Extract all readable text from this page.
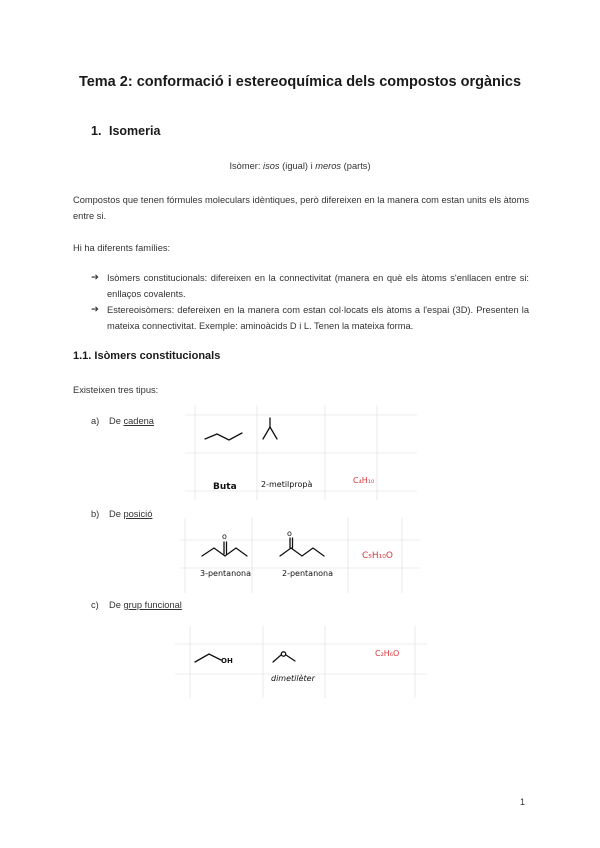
Tema 2: conformació i estereoquímica dels compostos orgànics
1. Isomeria
Isòmer: isos (igual) i meros (parts)
Compostos que tenen fórmules moleculars idèntiques, però difereixen en la manera com estan units els àtoms entre si.
Hi ha diferents famílies:
➔ Isòmers constitucionals: difereixen en la connectivitat (manera en què els àtoms s'enllacen entre si: enllaços covalents.
➔ Estereoisòmers: defereixen en la manera com estan col·locats els àtoms a l'espai (3D). Presenten la mateixa connectivitat. Exemple: aminoàcids D i L. Tenen la mateixa forma.
1.1. Isòmers constitucionals
Existeixen tres tipus:
a) De cadena
Buta	2-metilpropà	C₄H₁₀
b) De posició
o	o
3-pentanona	2-pentanona
C₅H₁₀O
c) De grup funcional
OH
dimetilèter
C₂H₆O
1
